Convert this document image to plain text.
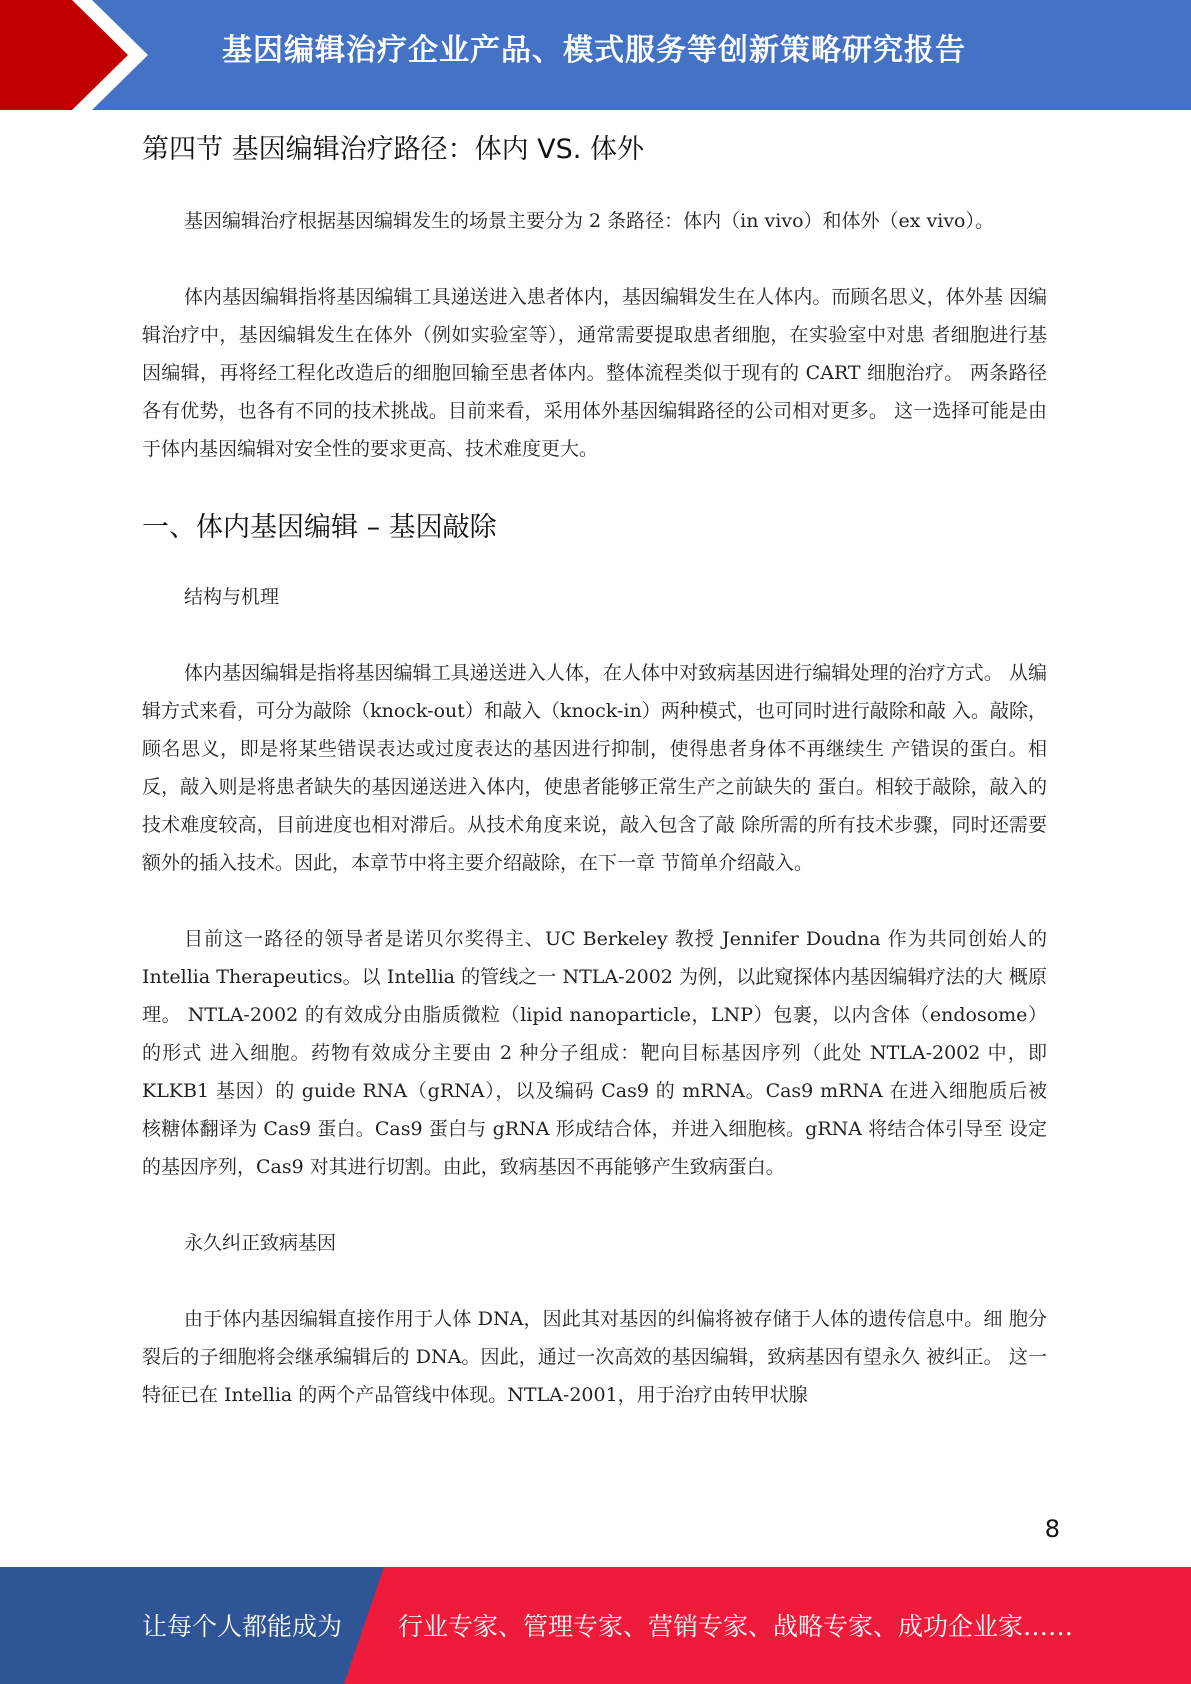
基因编辑治疗企业产品、模式服务等创新策略研究报告
第四节 基因编辑治疗路径：体内 VS. 体外

基因编辑治疗根据基因编辑发生的场景主要分为 2 条路径：体内（in vivo）和体外（ex vivo）。

体内基因编辑指将基因编辑工具递送进入患者体内，基因编辑发生在人体内。而顾名思义，体外基 因编辑治疗中，基因编辑发生在体外（例如实验室等），通常需要提取患者细胞，在实验室中对患 者细胞进行基因编辑，再将经工程化改造后的细胞回输至患者体内。整体流程类似于现有的 CART 细胞治疗。 两条路径各有优势，也各有不同的技术挑战。目前来看，采用体外基因编辑路径的公司相对更多。 这一选择可能是由于体内基因编辑对安全性的要求更高、技术难度更大。

一、体内基因编辑 – 基因敲除

结构与机理

体内基因编辑是指将基因编辑工具递送进入人体，在人体中对致病基因进行编辑处理的治疗方式。 从编辑方式来看，可分为敲除（knock-out）和敲入（knock-in）两种模式，也可同时进行敲除和敲 入。敲除，顾名思义，即是将某些错误表达或过度表达的基因进行抑制，使得患者身体不再继续生 产错误的蛋白。相反，敲入则是将患者缺失的基因递送进入体内，使患者能够正常生产之前缺失的 蛋白。相较于敲除，敲入的技术难度较高，目前进度也相对滞后。从技术角度来说，敲入包含了敲 除所需的所有技术步骤，同时还需要额外的插入技术。因此，本章节中将主要介绍敲除，在下一章 节简单介绍敲入。

目前这一路径的领导者是诺贝尔奖得主、UC Berkeley 教授 Jennifer Doudna 作为共同创始人的 Intellia Therapeutics。以 Intellia 的管线之一 NTLA-2002 为例，以此窥探体内基因编辑疗法的大 概原理。 NTLA-2002 的有效成分由脂质微粒（lipid nanoparticle，LNP）包裹，以内含体（endosome）的形式 进入细胞。药物有效成分主要由 2 种分子组成：靶向目标基因序列（此处 NTLA-2002 中，即 KLKB1 基因）的 guide RNA（gRNA），以及编码 Cas9 的 mRNA。Cas9 mRNA 在进入细胞质后被 核糖体翻译为 Cas9 蛋白。Cas9 蛋白与 gRNA 形成结合体，并进入细胞核。gRNA 将结合体引导至 设定的基因序列，Cas9 对其进行切割。由此，致病基因不再能够产生致病蛋白。

永久纠正致病基因

由于体内基因编辑直接作用于人体 DNA，因此其对基因的纠偏将被存储于人体的遗传信息中。细 胞分裂后的子细胞将会继承编辑后的 DNA。因此，通过一次高效的基因编辑，致病基因有望永久 被纠正。 这一特征已在 Intellia 的两个产品管线中体现。NTLA-2001，用于治疗由转甲状腺

8
让每个人都能成为 行业专家、管理专家、营销专家、战略专家、成功企业家……
